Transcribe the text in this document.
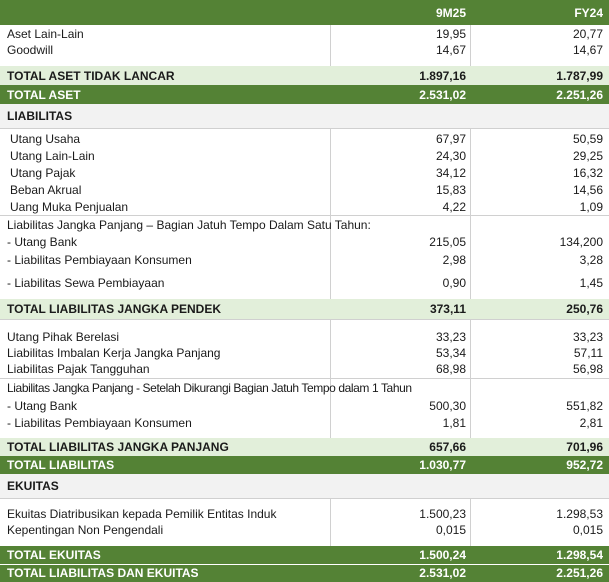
9M25	FY24
Aset Lain-Lain	19,95	20,77
Goodwill	14,67	14,67
TOTAL ASET TIDAK LANCAR	1.897,16	1.787,99
TOTAL ASET	2.531,02	2.251,26
LIABILITAS
Utang Usaha	67,97	50,59
Utang Lain-Lain	24,30	29,25
Utang Pajak	34,12	16,32
Beban Akrual	15,83	14,56
Uang Muka Penjualan	4,22	1,09
Liabilitas Jangka Panjang – Bagian Jatuh Tempo Dalam Satu Tahun:
- Utang Bank	215,05	134,200
- Liabilitas Pembiayaan Konsumen	2,98	3,28
- Liabilitas Sewa Pembiayaan	0,90	1,45
TOTAL LIABILITAS JANGKA PENDEK	373,11	250,76
Utang Pihak Berelasi	33,23	33,23
Liabilitas Imbalan Kerja Jangka Panjang	53,34	57,11
Liabilitas Pajak Tangguhan	68,98	56,98
Liabilitas Jangka Panjang - Setelah Dikurangi Bagian Jatuh Tempo dalam 1 Tahun
- Utang Bank	500,30	551,82
- Liabilitas Pembiayaan Konsumen	1,81	2,81
TOTAL LIABILITAS JANGKA PANJANG	657,66	701,96
TOTAL LIABILITAS	1.030,77	952,72
EKUITAS
Ekuitas Diatribusikan kepada Pemilik Entitas Induk	1.500,23	1.298,53
Kepentingan Non Pengendali	0,015	0,015
TOTAL EKUITAS	1.500,24	1.298,54
TOTAL LIABILITAS DAN EKUITAS	2.531,02	2.251,26
